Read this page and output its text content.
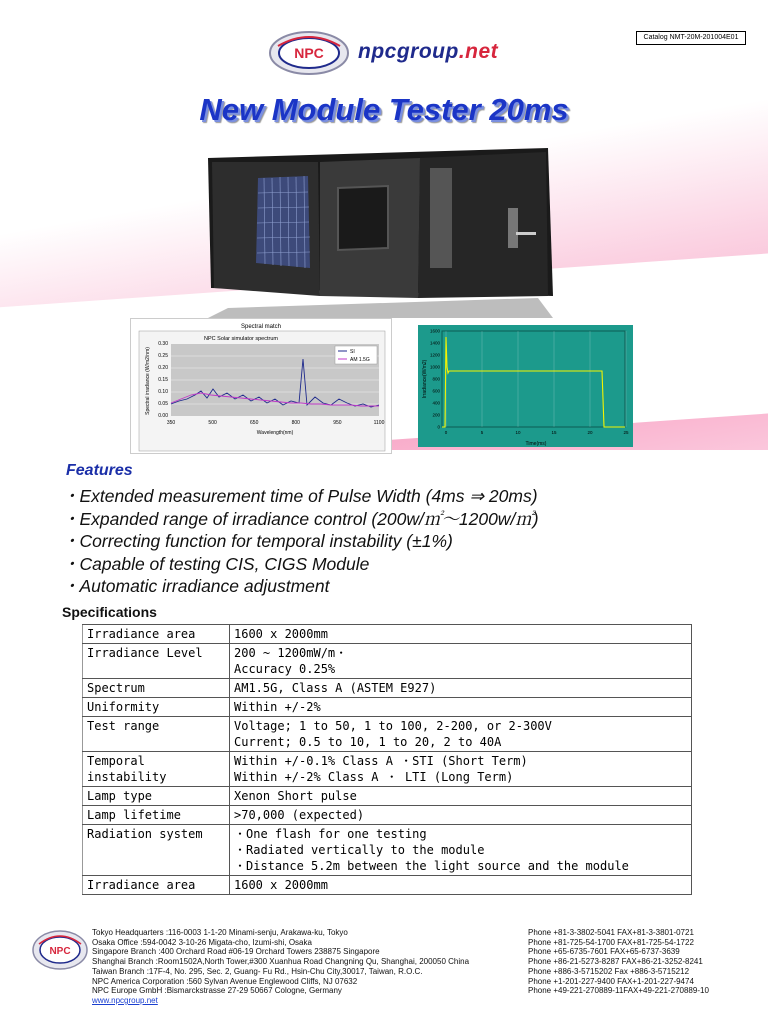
Catalog NMT-20M-201004E01
NPC npcgroup.net
New Module Tester 20ms
Spectral match
NPC Solar simulator spectrum
0.00
0.05
0.10
0.15
0.20
0.25
0.30
350	500	650	800	950	1100
Spectral irradiance (W/m2/nm)
Wavelength(nm)
SI
AM 1.5G
0
200
400
600
800
1000
1200
1400
1600
0	5	10	15	20	25
Irradiance(W/m2)
Time(ms)
Features
・Extended measurement time of Pulse Width (4ms ⇒ 20ms)
・Expanded range of irradiance control (200w/㎡～1200w/㎡)
・Correcting function for temporal instability (±1%)
・Capable of testing CIS, CIGS Module
・Automatic irradiance adjustment
Specifications
Irradiance area	1600 x 2000mm

Irradiance Level	200 ~ 1200mW/m・
Accuracy 0.25%

Spectrum	AM1.5G, Class A (ASTEM E927)

Uniformity	Within +/-2%

Test range	Voltage; 1 to 50, 1 to 100, 2-200, or 2-300V
Current; 0.5 to 10, 1 to 20, 2 to 40A

Temporal instability	Within +/-0.1% Class A ・STI (Short Term)
Within +/-2% Class A ・ LTI (Long Term)

Lamp type	Xenon Short pulse

Lamp lifetime	>70,000 (expected)

Radiation system	・One flash for one testing
・Radiated vertically to the module
・Distance 5.2m between the light source and the module

Irradiance area	1600 x 2000mm
NPC
Tokyo Headquarters :116-0003 1-1-20 Minami-senju, Arakawa-ku, Tokyo
Osaka Office :594-0042 3-10-26 Migata-cho, Izumi-shi, Osaka
Singapore Branch :400 Orchard Road #06-19 Orchard Towers 238875 Singapore
Shanghai Branch :Room1502A,North Tower,#300 Xuanhua Road Changning Qu, Shanghai, 200050 China
Taiwan Branch :17F-4, No. 295, Sec. 2, Guang- Fu Rd., Hsin-Chu City,30017, Taiwan, R.O.C.
NPC America Corporation :560 Sylvan Avenue Englewood Cliffs, NJ 07632
NPC Europe GmbH :Bismarckstrasse 27-29 50667 Cologne, Germany
www.npcgroup.net
Phone +81-3-3802-5041 FAX+81-3-3801-0721
Phone +81-725-54-1700 FAX+81-725-54-1722
Phone +65-6735-7601 FAX+65-6737-3639
Phone +86-21-5273-8287 FAX+86-21-3252-8241
Phone +886-3-5715202 Fax +886-3-5715212
Phone +1-201-227-9400 FAX+1-201-227-9474
Phone +49-221-270889-11FAX+49-221-270889-10
